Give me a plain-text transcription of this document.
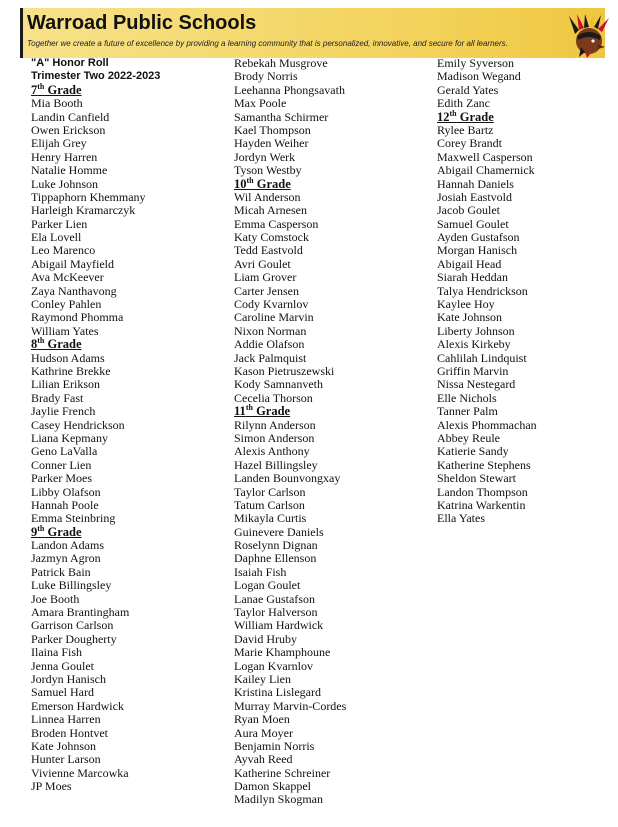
Warroad Public Schools
Together we create a future of excellence by providing a learning community that is personalized, innovative, and secure for all learners.
"A" Honor Roll
Trimester Two 2022-2023
7th Grade
Mia Booth
Landin Canfield
Owen Erickson
Elijah Grey
Henry Harren
Natalie Homme
Luke Johnson
Tippaphorn Khemmany
Harleigh Kramarczyk
Parker Lien
Ela Lovell
Leo Marenco
Abigail Mayfield
Ava McKeever
Zaya Nanthavong
Conley Pahlen
Raymond Phomma
William Yates
8th Grade
Hudson Adams
Kathrine Brekke
Lilian Erikson
Brady Fast
Jaylie French
Casey Hendrickson
Liana Kepmany
Geno LaValla
Conner Lien
Parker Moes
Libby Olafson
Hannah Poole
Emma Steinbring
9th Grade
Landon Adams
Jazmyn Agron
Patrick Bain
Luke Billingsley
Joe Booth
Amara Brantingham
Garrison Carlson
Parker Dougherty
Ilaina Fish
Jenna Goulet
Jordyn Hanisch
Samuel Hard
Emerson Hardwick
Linnea Harren
Broden Hontvet
Kate Johnson
Hunter Larson
Vivienne Marcowka
JP Moes
Rebekah Musgrove
Brody Norris
Leehanna Phongsavath
Max Poole
Samantha Schirmer
Kael Thompson
Hayden Weiher
Jordyn Werk
Tyson Westby
10th Grade
Wil Anderson
Micah Arnesen
Emma Casperson
Katy Comstock
Tedd Eastvold
Avri Goulet
Liam Grover
Carter Jensen
Cody Kvarnlov
Caroline Marvin
Nixon Norman
Addie Olafson
Jack Palmquist
Kason Pietruszewski
Kody Samnanveth
Cecelia Thorson
11th Grade
Rilynn Anderson
Simon Anderson
Alexis Anthony
Hazel Billingsley
Landen Bounvongxay
Taylor Carlson
Tatum Carlson
Mikayla Curtis
Guinevere Daniels
Roselynn Dignan
Daphne Ellenson
Isaiah Fish
Logan Goulet
Lanae Gustafson
Taylor Halverson
William Hardwick
David Hruby
Marie Khamphoune
Logan Kvarnlov
Kailey Lien
Kristina Lislegard
Murray Marvin-Cordes
Ryan Moen
Aura Moyer
Benjamin Norris
Ayvah Reed
Katherine Schreiner
Damon Skappel
Madilyn Skogman
Emily Syverson
Madison Wegand
Gerald Yates
Edith Zanc
12th Grade
Rylee Bartz
Corey Brandt
Maxwell Casperson
Abigail Chamernick
Hannah Daniels
Josiah Eastvold
Jacob Goulet
Samuel Goulet
Ayden Gustafson
Morgan Hanisch
Abigail Head
Siarah Heddan
Talya Hendrickson
Kaylee Hoy
Kate Johnson
Liberty Johnson
Alexis Kirkeby
Cahlilah Lindquist
Griffin Marvin
Nissa Nestegard
Elle Nichols
Tanner Palm
Alexis Phommachan
Abbey Reule
Katierie Sandy
Katherine Stephens
Sheldon Stewart
Landon Thompson
Katrina Warkentin
Ella Yates
